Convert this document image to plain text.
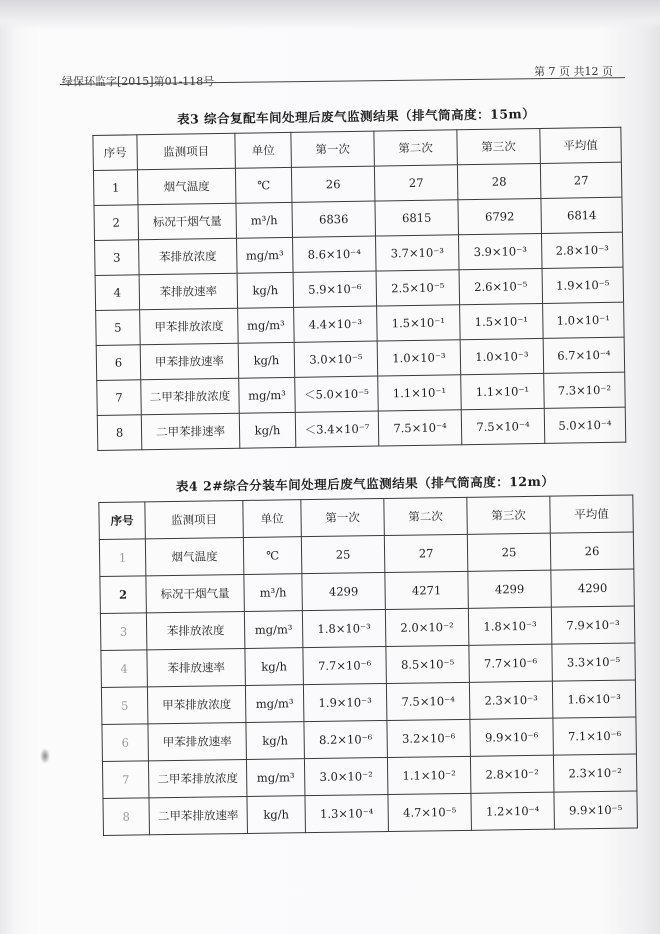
绿保环监字[2015]第01-118号
第 7 页 共12 页
表3 综合复配车间处理后废气监测结果（排气筒高度：15m）
序号	监测项目	单位	第一次	第二次	第三次	平均值
1	烟气温度	℃	26	27	28	27
2	标况干烟气量	m³/h	6836	6815	6792	6814
3	苯排放浓度	mg/m³	8.6×10⁻⁴	3.7×10⁻³	3.9×10⁻³	2.8×10⁻³
4	苯排放速率	kg/h	5.9×10⁻⁶	2.5×10⁻⁵	2.6×10⁻⁵	1.9×10⁻⁵
5	甲苯排放浓度	mg/m³	4.4×10⁻³	1.5×10⁻¹	1.5×10⁻¹	1.0×10⁻¹
6	甲苯排放速率	kg/h	3.0×10⁻⁵	1.0×10⁻³	1.0×10⁻³	6.7×10⁻⁴
7	二甲苯排放浓度	mg/m³	＜5.0×10⁻⁵	1.1×10⁻¹	1.1×10⁻¹	7.3×10⁻²
8	二甲苯排速率	kg/h	＜3.4×10⁻⁷	7.5×10⁻⁴	7.5×10⁻⁴	5.0×10⁻⁴
表4 2#综合分装车间处理后废气监测结果（排气筒高度：12m）
序号	监测项目	单位	第一次	第二次	第三次	平均值
1	烟气温度	℃	25	27	25	26
2	标况干烟气量	m³/h	4299	4271	4299	4290
3	苯排放浓度	mg/m³	1.8×10⁻³	2.0×10⁻²	1.8×10⁻³	7.9×10⁻³
4	苯排放速率	kg/h	7.7×10⁻⁶	8.5×10⁻⁵	7.7×10⁻⁶	3.3×10⁻⁵
5	甲苯排放浓度	mg/m³	1.9×10⁻³	7.5×10⁻⁴	2.3×10⁻³	1.6×10⁻³
6	甲苯排放速率	kg/h	8.2×10⁻⁶	3.2×10⁻⁶	9.9×10⁻⁶	7.1×10⁻⁶
7	二甲苯排放浓度	mg/m³	3.0×10⁻²	1.1×10⁻²	2.8×10⁻²	2.3×10⁻²
8	二甲苯排放速率	kg/h	1.3×10⁻⁴	4.7×10⁻⁵	1.2×10⁻⁴	9.9×10⁻⁵
